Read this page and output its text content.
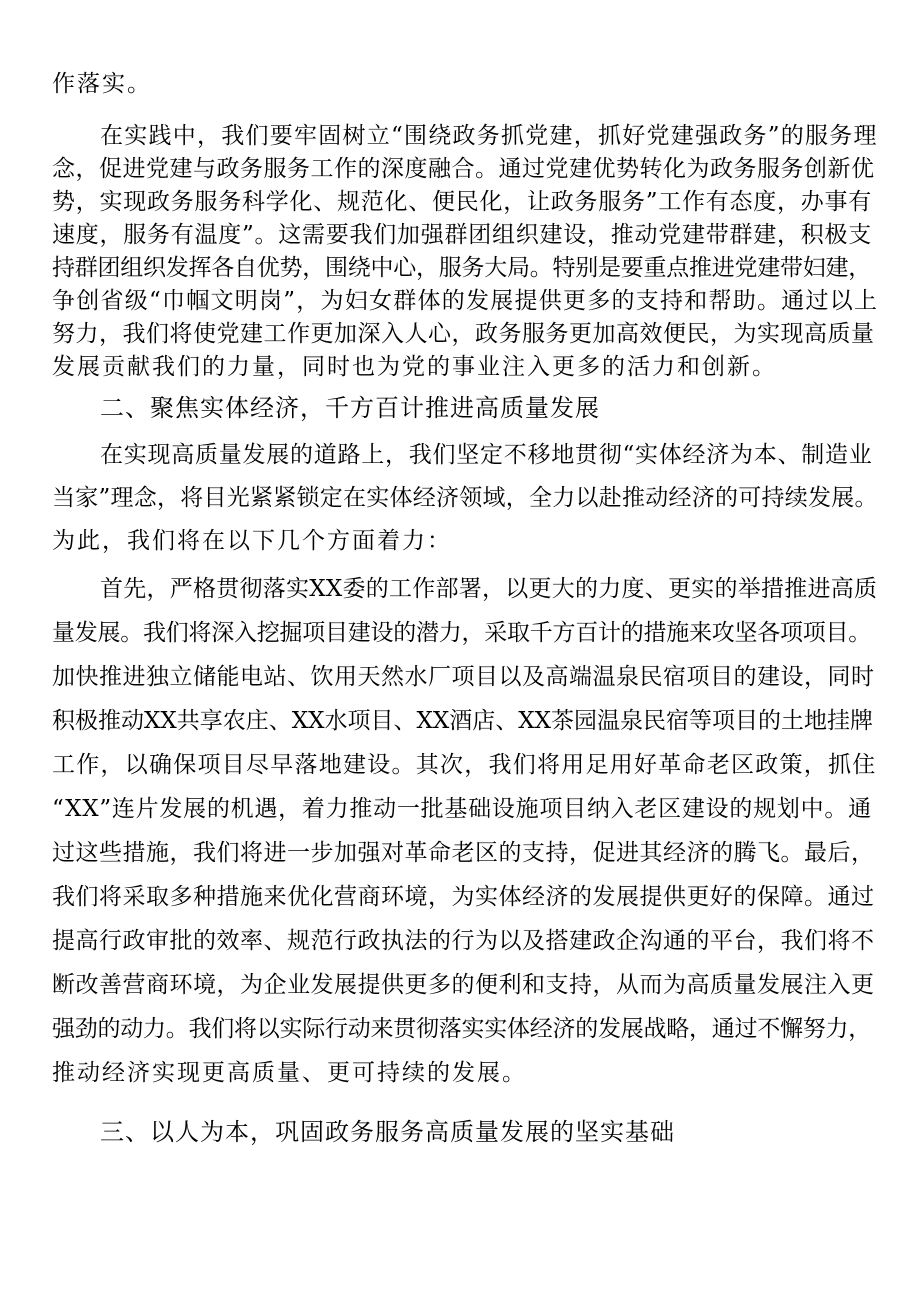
作落实。

在实践中，我们要牢固树立“围绕政务抓党建，抓好党建强政务”的服务理

念，促进党建与政务服务工作的深度融合。通过党建优势转化为政务服务创新优

势，实现政务服务科学化、规范化、便民化，让政务服务”工作有态度，办事有

速度，服务有温度”。这需要我们加强群团组织建设，推动党建带群建，积极支

持群团组织发挥各自优势，围绕中心，服务大局。特别是要重点推进党建带妇建，

争创省级“巾帼文明岗”，为妇女群体的发展提供更多的支持和帮助。通过以上

努力，我们将使党建工作更加深入人心，政务服务更加高效便民，为实现高质量

发展贡献我们的力量，同时也为党的事业注入更多的活力和创新。

二、聚焦实体经济，千方百计推进高质量发展

在实现高质量发展的道路上，我们坚定不移地贯彻“实体经济为本、制造业

当家”理念，将目光紧紧锁定在实体经济领域，全力以赴推动经济的可持续发展。

为此，我们将在以下几个方面着力：

首先，严格贯彻落实XX委的工作部署，以更大的力度、更实的举措推进高质

量发展。我们将深入挖掘项目建设的潜力，采取千方百计的措施来攻坚各项项目。

加快推进独立储能电站、饮用天然水厂项目以及高端温泉民宿项目的建设，同时

积极推动XX共享农庄、XX水项目、XX酒店、XX茶园温泉民宿等项目的土地挂牌

工作，以确保项目尽早落地建设。其次，我们将用足用好革命老区政策，抓住

“XX”连片发展的机遇，着力推动一批基础设施项目纳入老区建设的规划中。通

过这些措施，我们将进一步加强对革命老区的支持，促进其经济的腾飞。最后，

我们将采取多种措施来优化营商环境，为实体经济的发展提供更好的保障。通过

提高行政审批的效率、规范行政执法的行为以及搭建政企沟通的平台，我们将不

断改善营商环境，为企业发展提供更多的便利和支持，从而为高质量发展注入更

强劲的动力。我们将以实际行动来贯彻落实实体经济的发展战略，通过不懈努力，

推动经济实现更高质量、更可持续的发展。

三、以人为本，巩固政务服务高质量发展的坚实基础
